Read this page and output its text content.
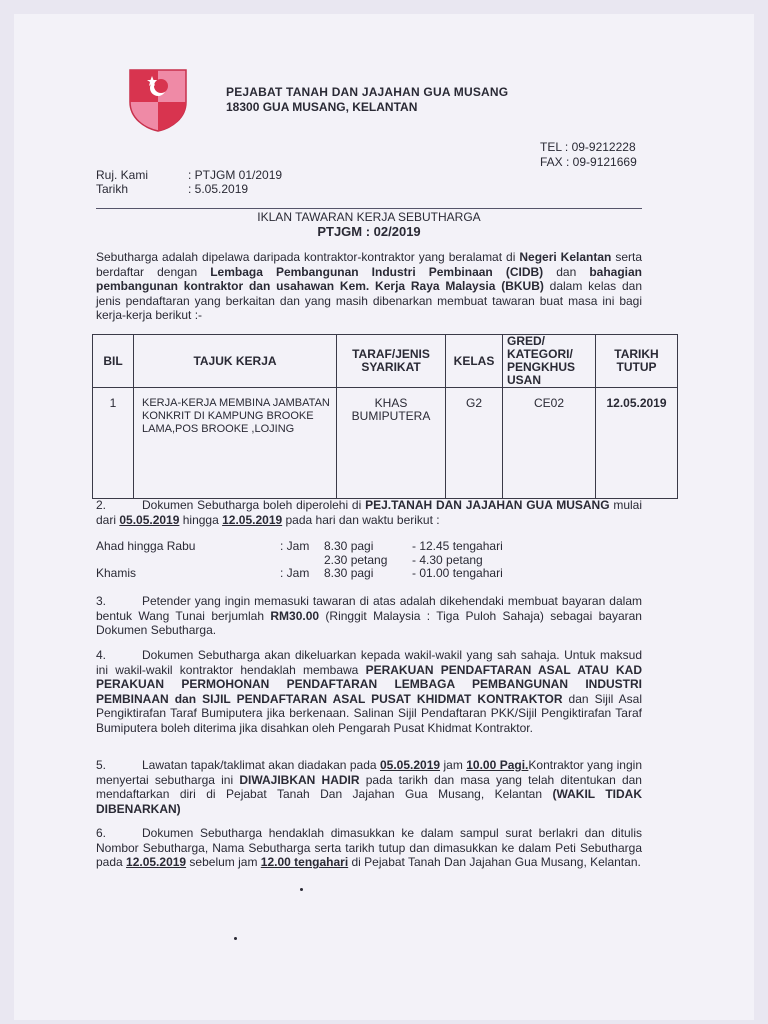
PEJABAT TANAH DAN JAJAHAN GUA MUSANG
18300 GUA MUSANG, KELANTAN
TEL : 09-9212228
FAX : 09-9121669
Ruj. Kami	: PTJGM 01/2019
Tarikh	: 5.05.2019
IKLAN TAWARAN KERJA SEBUTHARGA
PTJGM : 02/2019
Sebutharga adalah dipelawa daripada kontraktor-kontraktor yang beralamat di Negeri Kelantan serta berdaftar dengan Lembaga Pembangunan Industri Pembinaan (CIDB) dan bahagian pembangunan kontraktor dan usahawan Kem. Kerja Raya Malaysia (BKUB) dalam kelas dan jenis pendaftaran yang berkaitan dan yang masih dibenarkan membuat tawaran buat masa ini bagi kerja-kerja berikut :-
BIL	TAJUK KERJA	TARAF/JENIS SYARIKAT	KELAS	GRED/ KATEGORI/ PENGKHUS USAN	TARIKH TUTUP
1	KERJA-KERJA MEMBINA JAMBATAN KONKRIT DI KAMPUNG BROOKE LAMA,POS BROOKE ,LOJING	KHAS BUMIPUTERA	G2	CE02	12.05.2019
2.	Dokumen Sebutharga boleh diperolehi di PEJ.TANAH DAN JAJAHAN GUA MUSANG mulai dari 05.05.2019 hingga 12.05.2019 pada hari dan waktu berikut :
Ahad hingga Rabu	: Jam 8.30 pagi	- 12.45 tengahari
2.30 petang - 4.30 petang
Khamis	: Jam 8.30 pagi	- 01.00 tengahari
3.	Petender yang ingin memasuki tawaran di atas adalah dikehendaki membuat bayaran dalam bentuk Wang Tunai berjumlah RM30.00 (Ringgit Malaysia : Tiga Puloh Sahaja) sebagai bayaran Dokumen Sebutharga.
4.	Dokumen Sebutharga akan dikeluarkan kepada wakil-wakil yang sah sahaja. Untuk maksud ini wakil-wakil kontraktor hendaklah membawa PERAKUAN PENDAFTARAN ASAL ATAU KAD PERAKUAN PERMOHONAN PENDAFTARAN LEMBAGA PEMBANGUNAN INDUSTRI PEMBINAAN dan SIJIL PENDAFTARAN ASAL PUSAT KHIDMAT KONTRAKTOR dan Sijil Asal Pengiktirafan Taraf Bumiputera jika berkenaan. Salinan Sijil Pendaftaran PKK/Sijil Pengiktirafan Taraf Bumiputera boleh diterima jika disahkan oleh Pengarah Pusat Khidmat Kontraktor.
5.	Lawatan tapak/taklimat akan diadakan pada 05.05.2019 jam 10.00 Pagi.Kontraktor yang ingin menyertai sebutharga ini DIWAJIBKAN HADIR pada tarikh dan masa yang telah ditentukan dan mendaftarkan diri di Pejabat Tanah Dan Jajahan Gua Musang, Kelantan (WAKIL TIDAK DIBENARKAN)
6.	Dokumen Sebutharga hendaklah dimasukkan ke dalam sampul surat berlakri dan ditulis Nombor Sebutharga, Nama Sebutharga serta tarikh tutup dan dimasukkan ke dalam Peti Sebutharga pada 12.05.2019 sebelum jam 12.00 tengahari di Pejabat Tanah Dan Jajahan Gua Musang, Kelantan.
